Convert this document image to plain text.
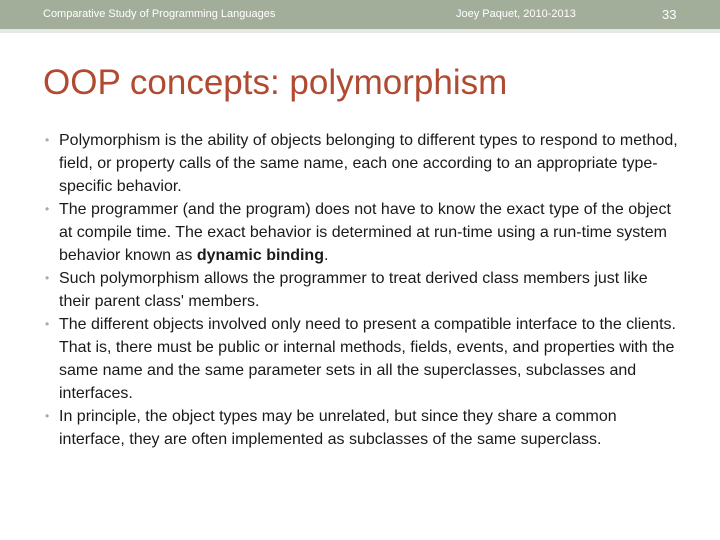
Comparative Study of Programming Languages	Joey Paquet, 2010-2013	33
OOP concepts: polymorphism
• Polymorphism is the ability of objects belonging to different types to respond to method, field, or property calls of the same name, each one according to an appropriate type-specific behavior.
• The programmer (and the program) does not have to know the exact type of the object at compile time. The exact behavior is determined at run-time using a run-time system behavior known as dynamic binding.
• Such polymorphism allows the programmer to treat derived class members just like their parent class' members.
• The different objects involved only need to present a compatible interface to the clients. That is, there must be public or internal methods, fields, events, and properties with the same name and the same parameter sets in all the superclasses, subclasses and interfaces.
• In principle, the object types may be unrelated, but since they share a common interface, they are often implemented as subclasses of the same superclass.
